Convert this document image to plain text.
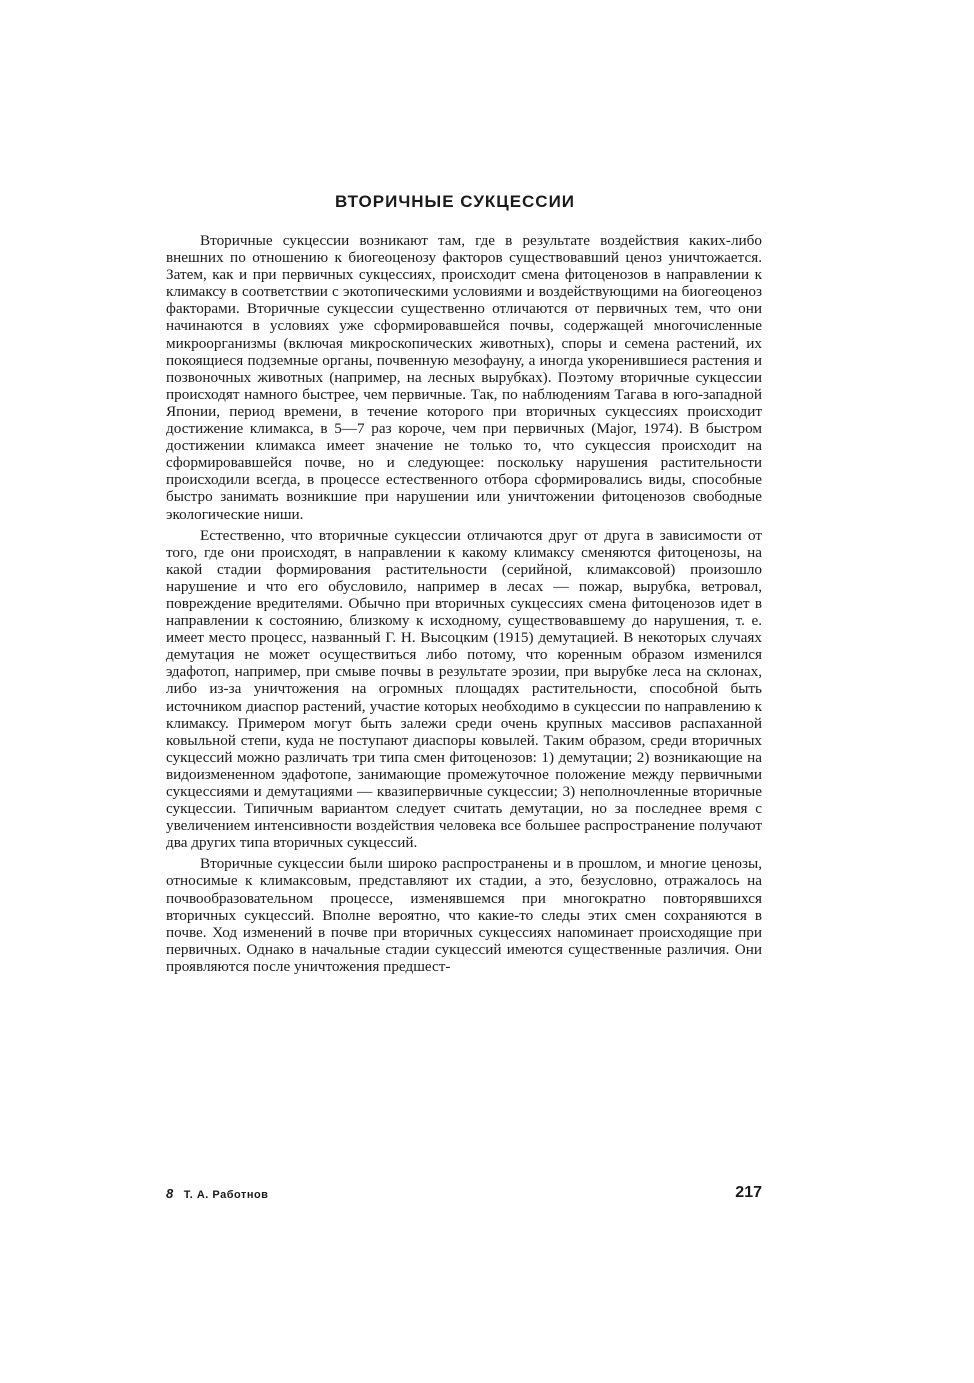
ВТОРИЧНЫЕ СУКЦЕССИИ

Вторичные сукцессии возникают там, где в результате воздействия каких-либо внешних по отношению к биогеоценозу факторов существовавший ценоз уничтожается. Затем, как и при первичных сукцессиях, происходит смена фитоценозов в направлении к климаксу в соответствии с экотопическими условиями и воздействующими на биогеоценоз факторами. Вторичные сукцессии существенно отличаются от первичных тем, что они начинаются в условиях уже сформировавшейся почвы, содержащей многочисленные микроорганизмы (включая микроскопических животных), споры и семена растений, их покоящиеся подземные органы, почвенную мезофауну, а иногда укоренившиеся растения и позвоночных животных (например, на лесных вырубках). Поэтому вторичные сукцессии происходят намного быстрее, чем первичные. Так, по наблюдениям Тагава в юго-западной Японии, период времени, в течение которого при вторичных сукцессиях происходит достижение климакса, в 5—7 раз короче, чем при первичных (Major, 1974). В быстром достижении климакса имеет значение не только то, что сукцессия происходит на сформировавшейся почве, но и следующее: поскольку нарушения растительности происходили всегда, в процессе естественного отбора сформировались виды, способные быстро занимать возникшие при нарушении или уничтожении фитоценозов свободные экологические ниши.

Естественно, что вторичные сукцессии отличаются друг от друга в зависимости от того, где они происходят, в направлении к какому климаксу сменяются фитоценозы, на какой стадии формирования растительности (серийной, климаксовой) произошло нарушение и что его обусловило, например в лесах — пожар, вырубка, ветровал, повреждение вредителями. Обычно при вторичных сукцессиях смена фитоценозов идет в направлении к состоянию, близкому к исходному, существовавшему до нарушения, т. е. имеет место процесс, названный Г. Н. Высоцким (1915) демутацией. В некоторых случаях демутация не может осуществиться либо потому, что коренным образом изменился эдафотоп, например, при смыве почвы в результате эрозии, при вырубке леса на склонах, либо из-за уничтожения на огромных площадях растительности, способной быть источником диаспор растений, участие которых необходимо в сукцессии по направлению к климаксу. Примером могут быть залежи среди очень крупных массивов распаханной ковыльной степи, куда не поступают диаспоры ковылей. Таким образом, среди вторичных сукцессий можно различать три типа смен фитоценозов: 1) демутации; 2) возникающие на видоизмененном эдафотопе, занимающие промежуточное положение между первичными сукцессиями и демутациями — квазипервичные сукцессии; 3) неполночленные вторичные сукцессии. Типичным вариантом следует считать демутации, но за последнее время с увеличением интенсивности воздействия человека все большее распространение получают два других типа вторичных сукцессий.

Вторичные сукцессии были широко распространены и в прошлом, и многие ценозы, относимые к климаксовым, представляют их стадии, а это, безусловно, отражалось на почвообразовательном процессе, изменявшемся при многократно повторявшихся вторичных сукцессий. Вполне вероятно, что какие-то следы этих смен сохраняются в почве. Ход изменений в почве при вторичных сукцессиях напоминает происходящие при первичных. Однако в начальные стадии сукцессий имеются существенные различия. Они проявляются после уничтожения предшест-

8 Т. А. Работнов	217
